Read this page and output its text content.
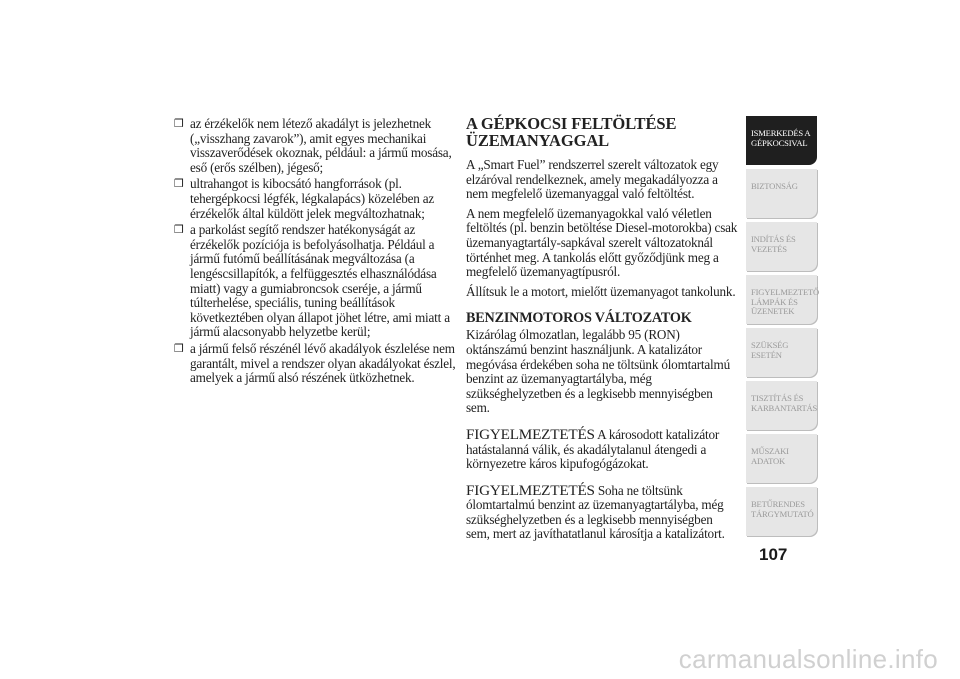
❒ az érzékelők nem létező akadályt is jelezhetnek („visszhang zavarok”), amit egyes mechanikai visszaverődések okoznak, például: a jármű mosása, eső (erős szélben), jégeső;
❒ ultrahangot is kibocsátó hangforrások (pl. tehergépkocsi légfék, légkalapács) közelében az érzékelők által küldött jelek megváltozhatnak;
❒ a parkolást segítő rendszer hatékonyságát az érzékelők pozíciója is befolyásolhatja. Például a jármű futómű beállításának megváltozása (a lengéscsillapítók, a felfüggesztés elhasználódása miatt) vagy a gumiabroncsok cseréje, a jármű túlterhelése, speciális, tuning beállítások következtében olyan állapot jöhet létre, ami miatt a jármű alacsonyabb helyzetbe kerül;
❒ a jármű felső részénél lévő akadályok észlelése nem garantált, mivel a rendszer olyan akadályokat észlel, amelyek a jármű alsó részének ütközhetnek.
A GÉPKOCSI FELTÖLTÉSE ÜZEMANYAGGAL

A „Smart Fuel” rendszerrel szerelt változatok egy elzáróval rendelkeznek, amely megakadályozza a nem megfelelő üzemanyaggal való feltöltést.

A nem megfelelő üzemanyagokkal való véletlen feltöltés (pl. benzin betöltése Diesel-motorokba) csak üzemanyagtartály-sapkával szerelt változatoknál történhet meg. A tankolás előtt győződjünk meg a megfelelő üzemanyagtípusról.

Állítsuk le a motort, mielőtt üzemanyagot tankolunk.

BENZINMOTOROS VÁLTOZATOK

Kizárólag ólmozatlan, legalább 95 (RON) oktánszámú benzint használjunk. A katalizátor megóvása érdekében soha ne töltsünk ólomtartalmú benzint az üzemanyagtartályba, még szükséghelyzetben és a legkisebb mennyiségben sem.

FIGYELMEZTETÉS A károsodott katalizátor hatástalanná válik, és akadálytalanul átengedi a környezetre káros kipufogógázokat.

FIGYELMEZTETÉS Soha ne töltsünk ólomtartalmú benzint az üzemanyagtartályba, még szükséghelyzetben és a legkisebb mennyiségben sem, mert az javíthatatlanul károsítja a katalizátort.

ISMERKEDÉS A GÉPKOCSIVAL
BIZTONSÁG
INDÍTÁS ÉS VEZETÉS
FIGYELMEZTETŐ LÁMPÁK ÉS ÜZENETEK
SZÜKSÉG ESETÉN
TISZTÍTÁS ÉS KARBANTARTÁS
MŰSZAKI ADATOK
BETŰRENDES TÁRGYMUTATÓ
107
carmanualsonline.info
